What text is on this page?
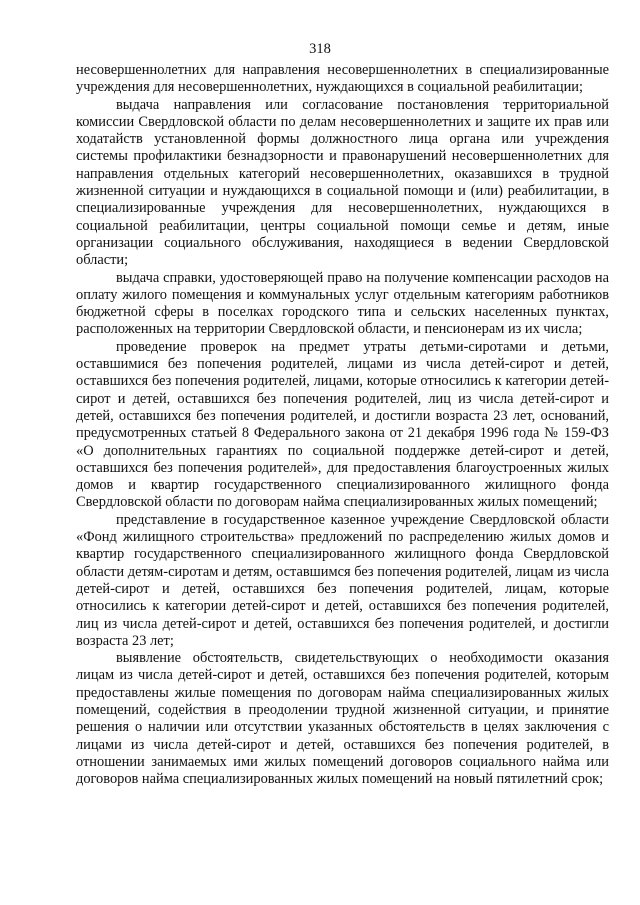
318

несовершеннолетних для направления несовершеннолетних в специализированные учреждения для несовершеннолетних, нуждающихся в социальной реабилитации;

выдача направления или согласование постановления территориальной комиссии Свердловской области по делам несовершеннолетних и защите их прав или ходатайств установленной формы должностного лица органа или учреждения системы профилактики безнадзорности и правонарушений несовершеннолетних для направления отдельных категорий несовершеннолетних, оказавшихся в трудной жизненной ситуации и нуждающихся в социальной помощи и (или) реабилитации, в специализированные учреждения для несовершеннолетних, нуждающихся в социальной реабилитации, центры социальной помощи семье и детям, иные организации социального обслуживания, находящиеся в ведении Свердловской области;

выдача справки, удостоверяющей право на получение компенсации расходов на оплату жилого помещения и коммунальных услуг отдельным категориям работников бюджетной сферы в поселках городского типа и сельских населенных пунктах, расположенных на территории Свердловской области, и пенсионерам из их числа;

проведение проверок на предмет утраты детьми-сиротами и детьми, оставшимися без попечения родителей, лицами из числа детей-сирот и детей, оставшихся без попечения родителей, лицами, которые относились к категории детей-сирот и детей, оставшихся без попечения родителей, лиц из числа детей-сирот и детей, оставшихся без попечения родителей, и достигли возраста 23 лет, оснований, предусмотренных статьей 8 Федерального закона от 21 декабря 1996 года № 159-ФЗ «О дополнительных гарантиях по социальной поддержке детей-сирот и детей, оставшихся без попечения родителей», для предоставления благоустроенных жилых домов и квартир государственного специализированного жилищного фонда Свердловской области по договорам найма специализированных жилых помещений;

представление в государственное казенное учреждение Свердловской области «Фонд жилищного строительства» предложений по распределению жилых домов и квартир государственного специализированного жилищного фонда Свердловской области детям-сиротам и детям, оставшимся без попечения родителей, лицам из числа детей-сирот и детей, оставшихся без попечения родителей, лицам, которые относились к категории детей-сирот и детей, оставшихся без попечения родителей, лиц из числа детей-сирот и детей, оставшихся без попечения родителей, и достигли возраста 23 лет;

выявление обстоятельств, свидетельствующих о необходимости оказания лицам из числа детей-сирот и детей, оставшихся без попечения родителей, которым предоставлены жилые помещения по договорам найма специализированных жилых помещений, содействия в преодолении трудной жизненной ситуации, и принятие решения о наличии или отсутствии указанных обстоятельств в целях заключения с лицами из числа детей-сирот и детей, оставшихся без попечения родителей, в отношении занимаемых ими жилых помещений договоров социального найма или договоров найма специализированных жилых помещений на новый пятилетний срок;
